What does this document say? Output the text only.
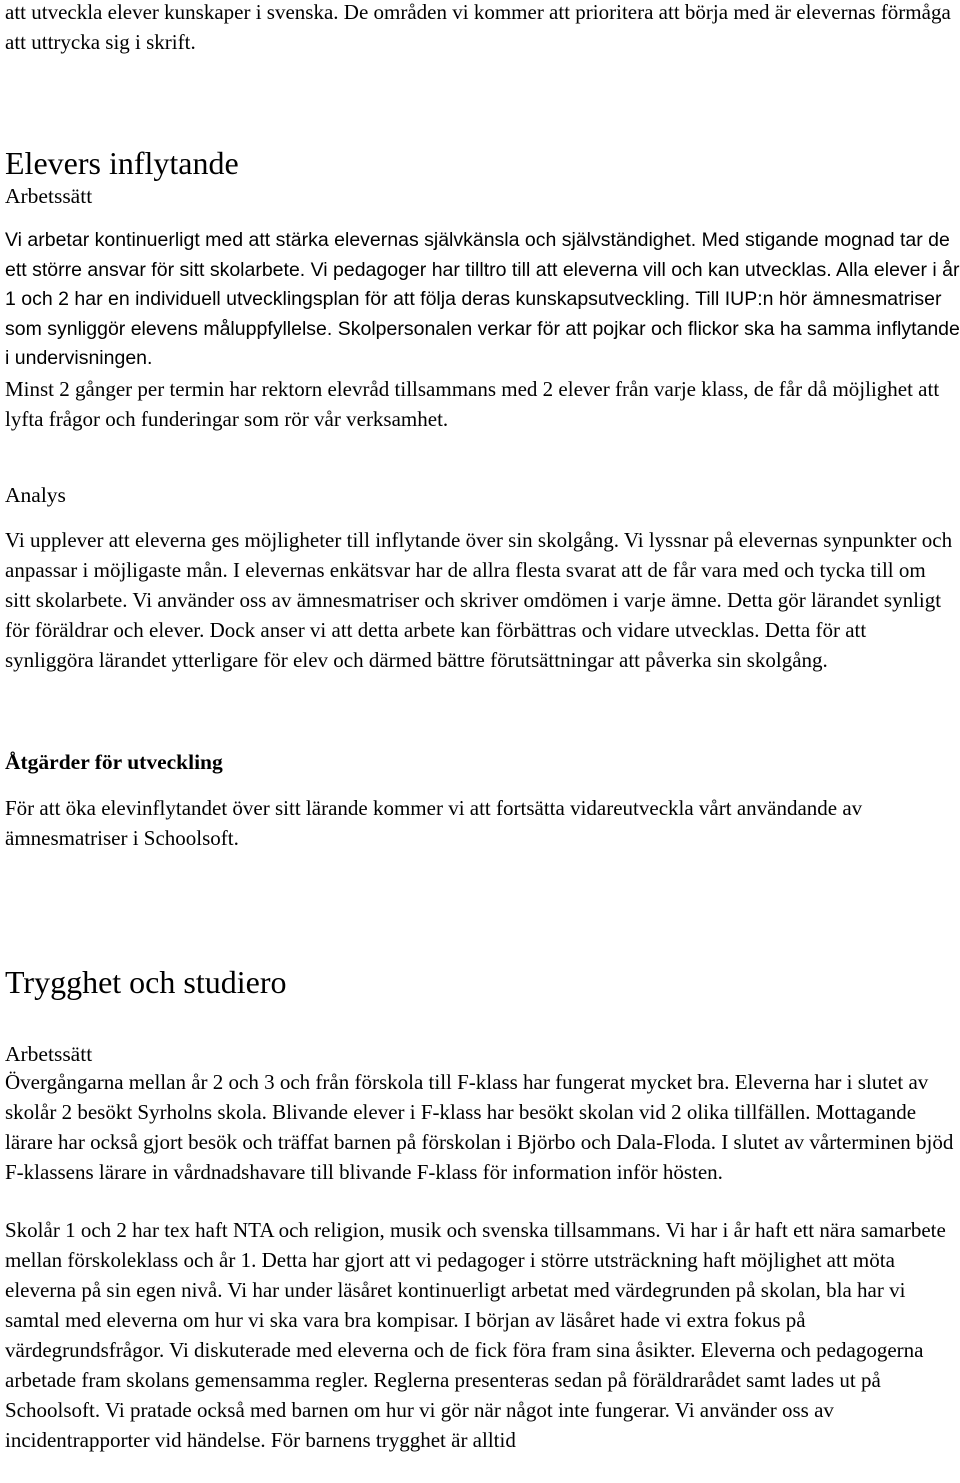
att utveckla elever kunskaper i svenska. De områden vi kommer att prioritera att börja med är elevernas förmåga att uttrycka sig i skrift.

Elevers inflytande
Arbetssätt

Vi arbetar kontinuerligt med att stärka elevernas självkänsla och självständighet. Med stigande mognad tar de ett större ansvar för sitt skolarbete. Vi pedagoger har tilltro till att eleverna vill och kan utvecklas. Alla elever i år 1 och 2 har en individuell utvecklingsplan för att följa deras kunskapsutveckling. Till IUP:n hör ämnesmatriser som synliggör elevens måluppfyllelse. Skolpersonalen verkar för att pojkar och flickor ska ha samma inflytande i undervisningen.

Minst 2 gånger per termin har rektorn elevråd tillsammans med 2 elever från varje klass, de får då möjlighet att lyfta frågor och funderingar som rör vår verksamhet.

Analys

Vi upplever att eleverna ges möjligheter till inflytande över sin skolgång. Vi lyssnar på elevernas synpunkter och anpassar i möjligaste mån. I elevernas enkätsvar har de allra flesta svarat att de får vara med och tycka till om sitt skolarbete. Vi använder oss av ämnesmatriser och skriver omdömen i varje ämne. Detta gör lärandet synligt för föräldrar och elever. Dock anser vi att detta arbete kan förbättras och vidare utvecklas. Detta för att synliggöra lärandet ytterligare för elev och därmed bättre förutsättningar att påverka sin skolgång.

Åtgärder för utveckling

För att öka elevinflytandet över sitt lärande kommer vi att fortsätta vidareutveckla vårt användande av ämnesmatriser i Schoolsoft.

Trygghet och studiero
Arbetssätt

Övergångarna mellan år 2 och 3 och från förskola till F-klass har fungerat mycket bra. Eleverna har i slutet av skolår 2 besökt Syrholns skola. Blivande elever i F-klass har besökt skolan vid 2 olika tillfällen. Mottagande lärare har också gjort besök och träffat barnen på förskolan i Björbo och Dala-Floda. I slutet av vårterminen bjöd F-klassens lärare in vårdnadshavare till blivande F-klass för information inför hösten.

Skolår 1 och 2 har tex haft NTA och religion, musik och svenska tillsammans. Vi har i år haft ett nära samarbete mellan förskoleklass och år 1. Detta har gjort att vi pedagoger i större utsträckning haft möjlighet att möta eleverna på sin egen nivå. Vi har under läsåret kontinuerligt arbetat med värdegrunden på skolan, bla har vi samtal med eleverna om hur vi ska vara bra kompisar. I början av läsåret hade vi extra fokus på värdegrundsfrågor. Vi diskuterade med eleverna och de fick föra fram sina åsikter. Eleverna och pedagogerna arbetade fram skolans gemensamma regler. Reglerna presenteras sedan på föräldrarådet samt lades ut på Schoolsoft. Vi pratade också med barnen om hur vi gör när något inte fungerar. Vi använder oss av incidentrapporter vid händelse. För barnens trygghet är alltid
